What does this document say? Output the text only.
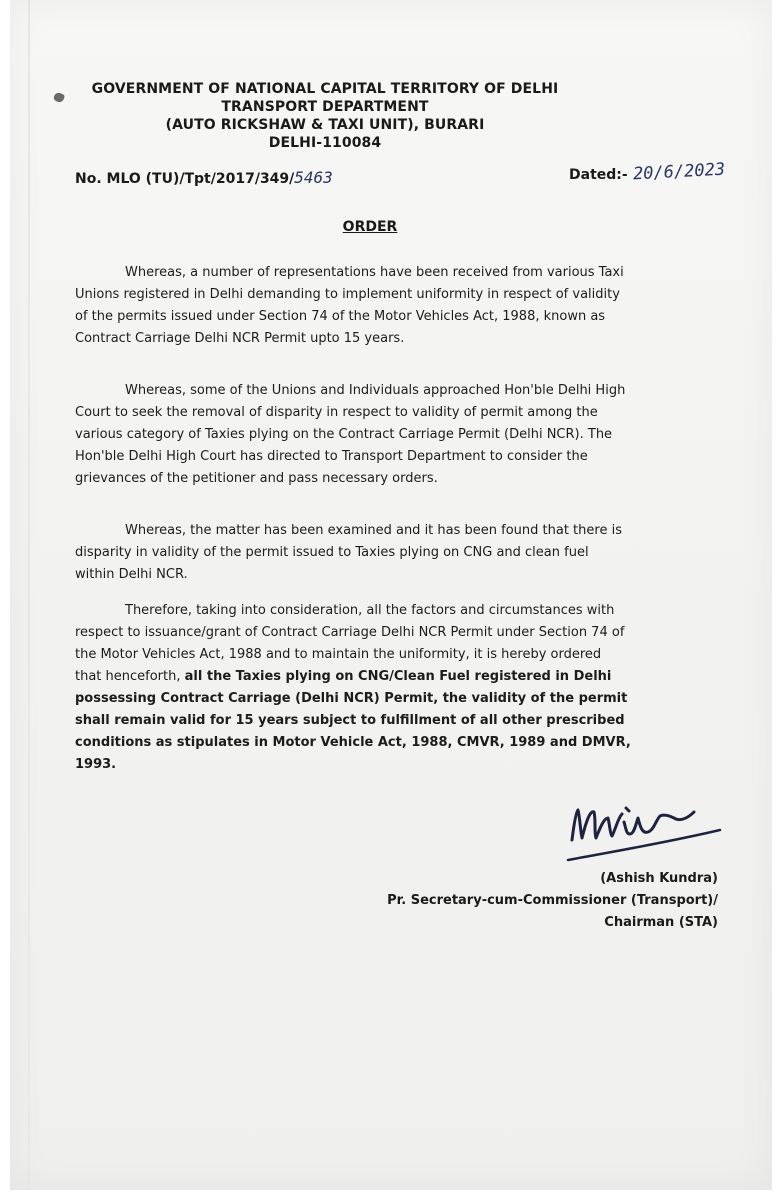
GOVERNMENT OF NATIONAL CAPITAL TERRITORY OF DELHI
TRANSPORT DEPARTMENT
(AUTO RICKSHAW & TAXI UNIT), BURARI
DELHI-110084
No. MLO (TU)/Tpt/2017/349/5463	Dated:- 20/6/2023
ORDER
Whereas, a number of representations have been received from various Taxi
Unions registered in Delhi demanding to implement uniformity in respect of validity
of the permits issued under Section 74 of the Motor Vehicles Act, 1988, known as
Contract Carriage Delhi NCR Permit upto 15 years.
Whereas, some of the Unions and Individuals approached Hon'ble Delhi High
Court to seek the removal of disparity in respect to validity of permit among the
various category of Taxies plying on the Contract Carriage Permit (Delhi NCR). The
Hon'ble Delhi High Court has directed to Transport Department to consider the
grievances of the petitioner and pass necessary orders.
Whereas, the matter has been examined and it has been found that there is
disparity in validity of the permit issued to Taxies plying on CNG and clean fuel
within Delhi NCR.
Therefore, taking into consideration, all the factors and circumstances with
respect to issuance/grant of Contract Carriage Delhi NCR Permit under Section 74 of
the Motor Vehicles Act, 1988 and to maintain the uniformity, it is hereby ordered
that henceforth, all the Taxies plying on CNG/Clean Fuel registered in Delhi
possessing Contract Carriage (Delhi NCR) Permit, the validity of the permit
shall remain valid for 15 years subject to fulfillment of all other prescribed
conditions as stipulates in Motor Vehicle Act, 1988, CMVR, 1989 and DMVR,
1993.
(Ashish Kundra)
Pr. Secretary-cum-Commissioner (Transport)/
Chairman (STA)
